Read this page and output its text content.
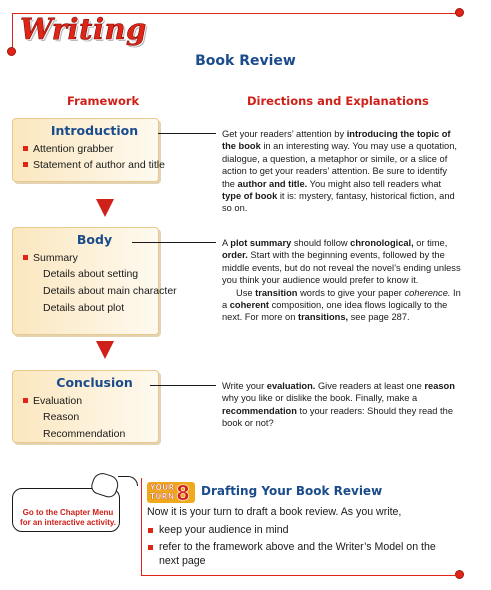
Writing
Book Review
Framework	Directions and Explanations
Introduction
Attention grabber
Statement of author and title
Body
Summary
Details about setting
Details about main character
Details about plot
Conclusion
Evaluation
Reason
Recommendation
Get your readers’ attention by introducing the topic of the book in an interesting way. You may use a quotation, dialogue, a question, a metaphor or simile, or a slice of action to get your readers’ attention. Be sure to identify the author and title. You might also tell readers what type of book it is: mystery, fantasy, historical fiction, and so on.
A plot summary should follow chronological, or time, order. Start with the beginning events, followed by the middle events, but do not reveal the novel’s ending unless you think your audience would prefer to know it.
Use transition words to give your paper coherence. In a coherent composition, one idea flows logically to the next. For more on transitions, see page 287.
Write your evaluation. Give readers at least one reason why you like or dislike the book. Finally, make a recommendation to your readers: Should they read the book or not?
Go to the Chapter Menu
for an interactive activity.
YOUR
TURN 8 Drafting Your Book Review
Now it is your turn to draft a book review. As you write,
keep your audience in mind
refer to the framework above and the Writer’s Model on the next page
